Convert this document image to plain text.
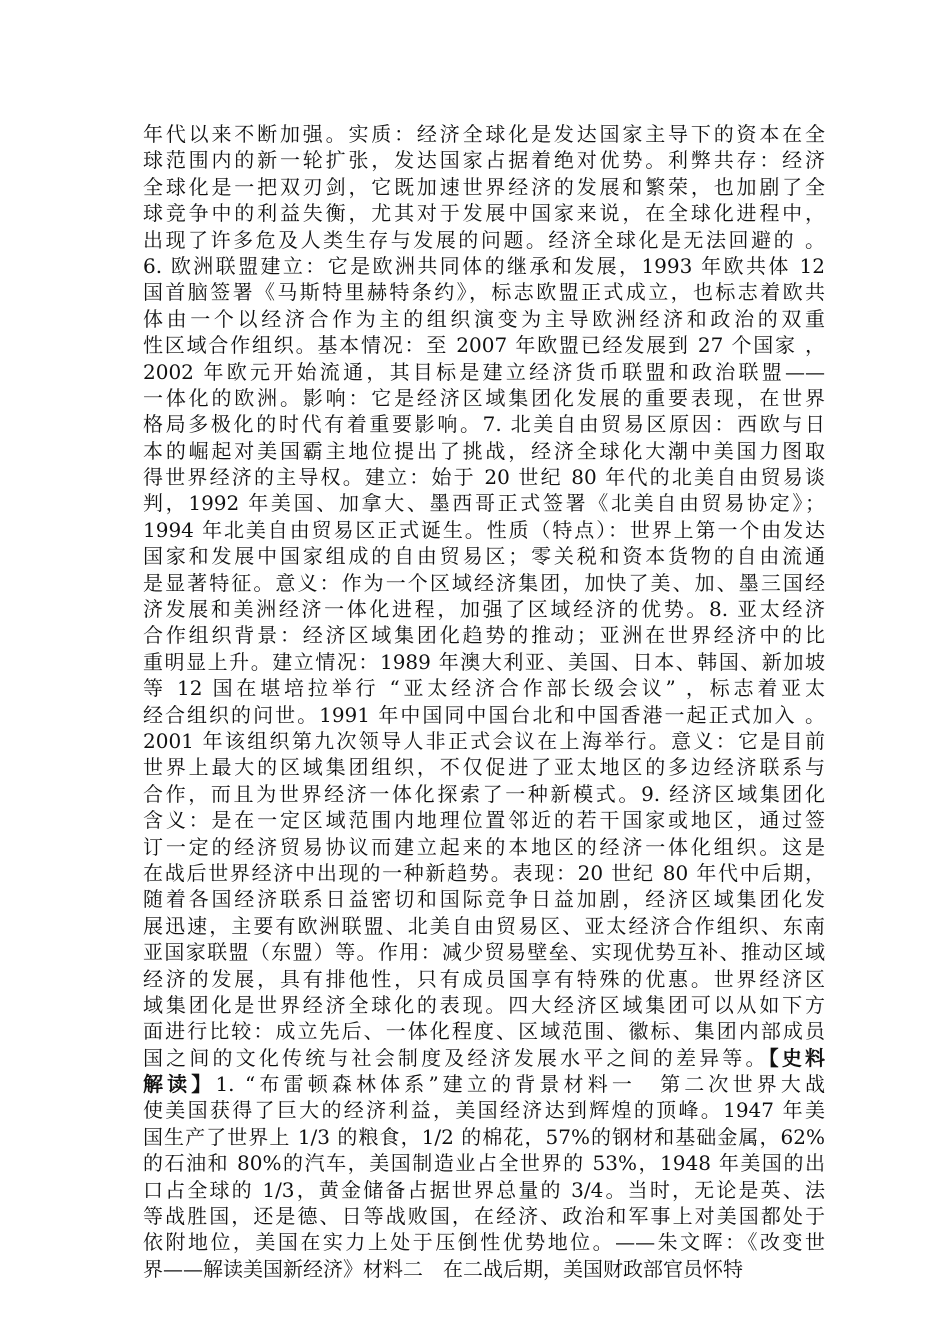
年代以来不断加强。实质：经济全球化是发达国家主导下的资本在全
球范围内的新一轮扩张，发达国家占据着绝对优势。利弊共存：经济
全球化是一把双刃剑，它既加速世界经济的发展和繁荣，也加剧了全
球竞争中的利益失衡，尤其对于发展中国家来说，在全球化进程中，
出现了许多危及人类生存与发展的问题。经济全球化是无法回避的 。
6. 欧洲联盟建立：它是欧洲共同体的继承和发展，1993 年欧共体 12
国首脑签署《马斯特里赫特条约》，标志欧盟正式成立，也标志着欧共
体由一个以经济合作为主的组织演变为主导欧洲经济和政治的双重
性区域合作组织。基本情况：至 2007 年欧盟已经发展到 27 个国家 ，
2002 年欧元开始流通，其目标是建立经济货币联盟和政治联盟——
一体化的欧洲。影响：它是经济区域集团化发展的重要表现，在世界
格局多极化的时代有着重要影响。7. 北美自由贸易区原因：西欧与日
本的崛起对美国霸主地位提出了挑战，经济全球化大潮中美国力图取
得世界经济的主导权。建立：始于 20 世纪 80 年代的北美自由贸易谈
判，1992 年美国、加拿大、墨西哥正式签署《北美自由贸易协定》；
1994 年北美自由贸易区正式诞生。性质（特点）：世界上第一个由发达
国家和发展中国家组成的自由贸易区；零关税和资本货物的自由流通
是显著特征。意义：作为一个区域经济集团，加快了美、加、墨三国经
济发展和美洲经济一体化进程，加强了区域经济的优势。8. 亚太经济
合作组织背景：经济区域集团化趋势的推动；亚洲在世界经济中的比
重明显上升。建立情况：1989 年澳大利亚、美国、日本、韩国、新加坡
等 12 国在堪培拉举行 “亚太经济合作部长级会议” ，标志着亚太
经合组织的问世。1991 年中国同中国台北和中国香港一起正式加入 。
2001 年该组织第九次领导人非正式会议在上海举行。意义：它是目前
世界上最大的区域集团组织，不仅促进了亚太地区的多边经济联系与
合作，而且为世界经济一体化探索了一种新模式。9. 经济区域集团化
含义：是在一定区域范围内地理位置邻近的若干国家或地区，通过签
订一定的经济贸易协议而建立起来的本地区的经济一体化组织。这是
在战后世界经济中出现的一种新趋势。表现：20 世纪 80 年代中后期，
随着各国经济联系日益密切和国际竞争日益加剧，经济区域集团化发
展迅速，主要有欧洲联盟、北美自由贸易区、亚太经济合作组织、东南
亚国家联盟（东盟）等。作用：减少贸易壁垒、实现优势互补、推动区域
经济的发展，具有排他性，只有成员国享有特殊的优惠。世界经济区
域集团化是世界经济全球化的表现。四大经济区域集团可以从如下方
面进行比较：成立先后、一体化程度、区域范围、徽标、集团内部成员
国之间的文化传统与社会制度及经济发展水平之间的差异等。【史料
解读】1. “布雷顿森林体系”建立的背景材料一　第二次世界大战
使美国获得了巨大的经济利益，美国经济达到辉煌的顶峰。1947 年美
国生产了世界上 1/3 的粮食，1/2 的棉花，57%的钢材和基础金属，62%
的石油和 80%的汽车，美国制造业占全世界的 53%，1948 年美国的出
口占全球的 1/3，黄金储备占据世界总量的 3/4。当时，无论是英、法
等战胜国，还是德、日等战败国，在经济、政治和军事上对美国都处于
依附地位，美国在实力上处于压倒性优势地位。——朱文晖：《改变世
界——解读美国新经济》材料二　在二战后期，美国财政部官员怀特
